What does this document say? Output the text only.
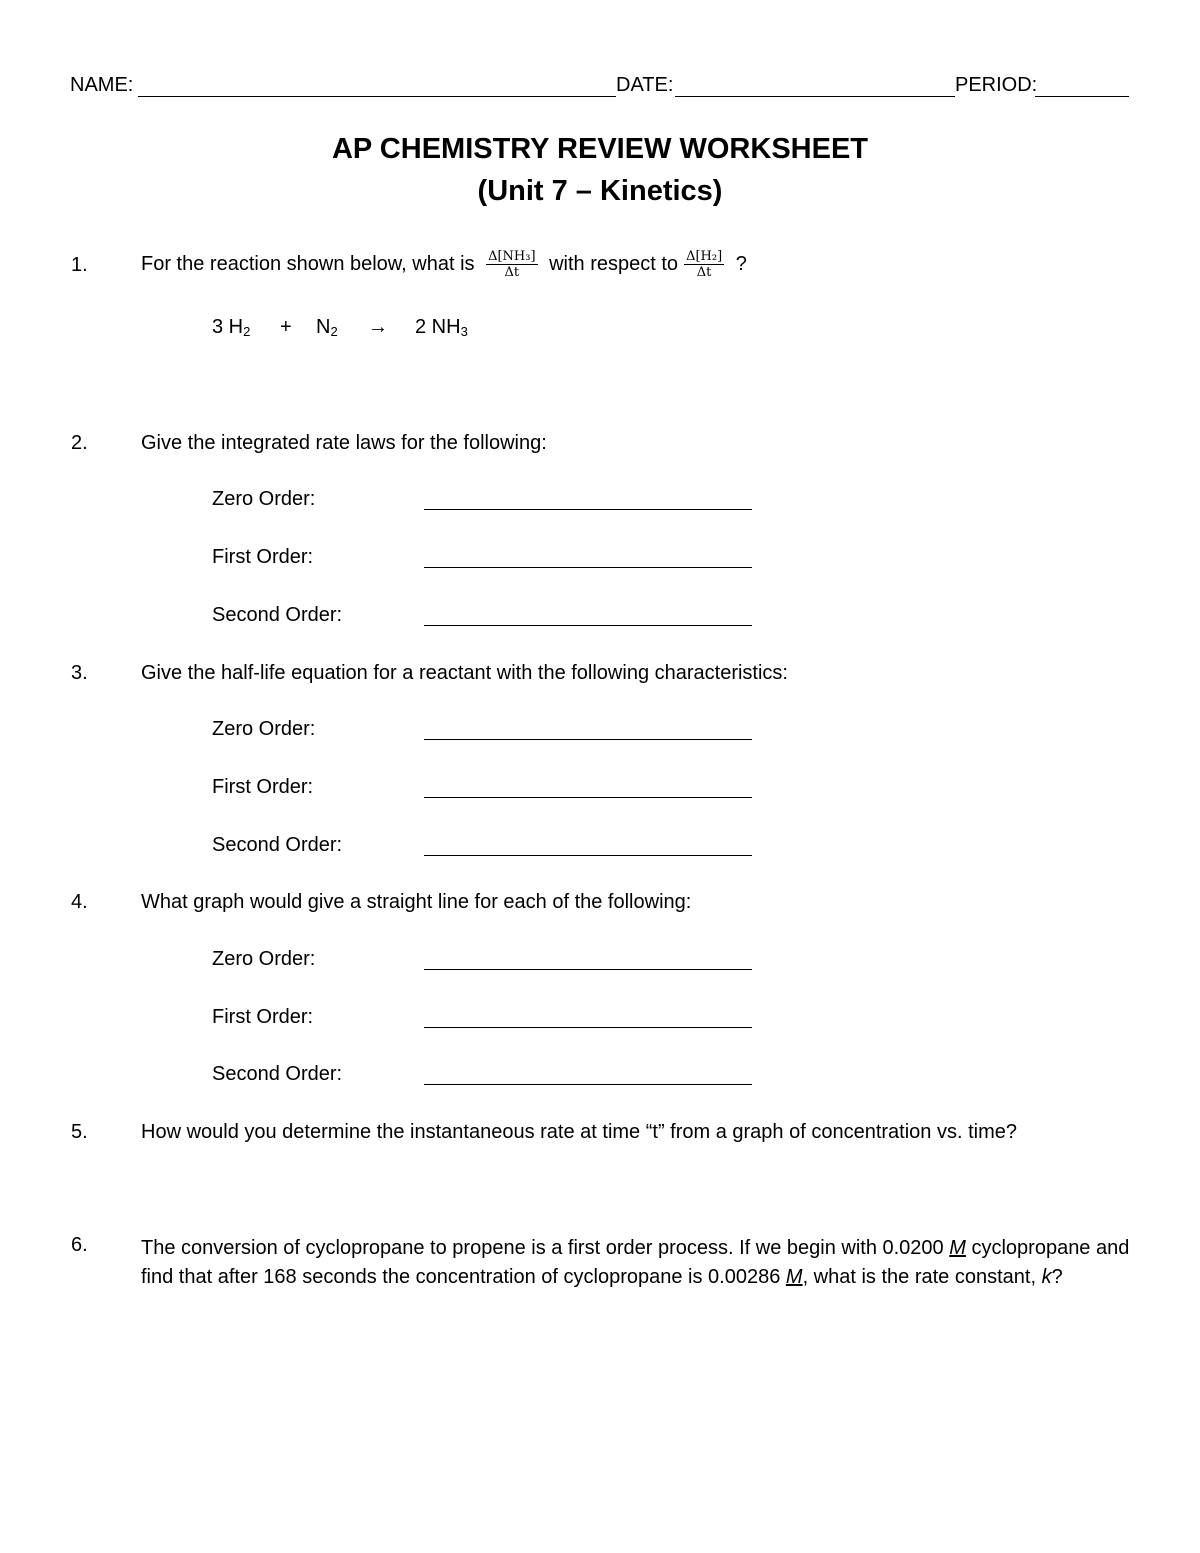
NAME:	DATE:	PERIOD:
AP CHEMISTRY REVIEW WORKSHEET
(Unit 7 – Kinetics)
1.	For the reaction shown below, what is $\frac{\text{Δ[NH₃]}}{\Delta t}$ with respect to $\frac{\text{Δ[H₂]}}{\Delta t}$ ?
3 $H_2 + N_2 \to 2$ $NH_3$
2.	Give the integrated rate laws for the following:
Zero Order:
First Order:
Second Order:
3.	Give the half-life equation for a reactant with the following characteristics:
Zero Order:
First Order:
Second Order:
4.	What graph would give a straight line for each of the following:
Zero Order:
First Order:
Second Order:
5.	How would you determine the instantaneous rate at time “t” from a graph of concentration vs. time?
6.	The conversion of cyclopropane to propene is a first order process. If we begin with 0.0200 M cyclopropane and find that after 168 seconds the concentration of cyclopropane is 0.00286 M, what is the rate constant, k?
